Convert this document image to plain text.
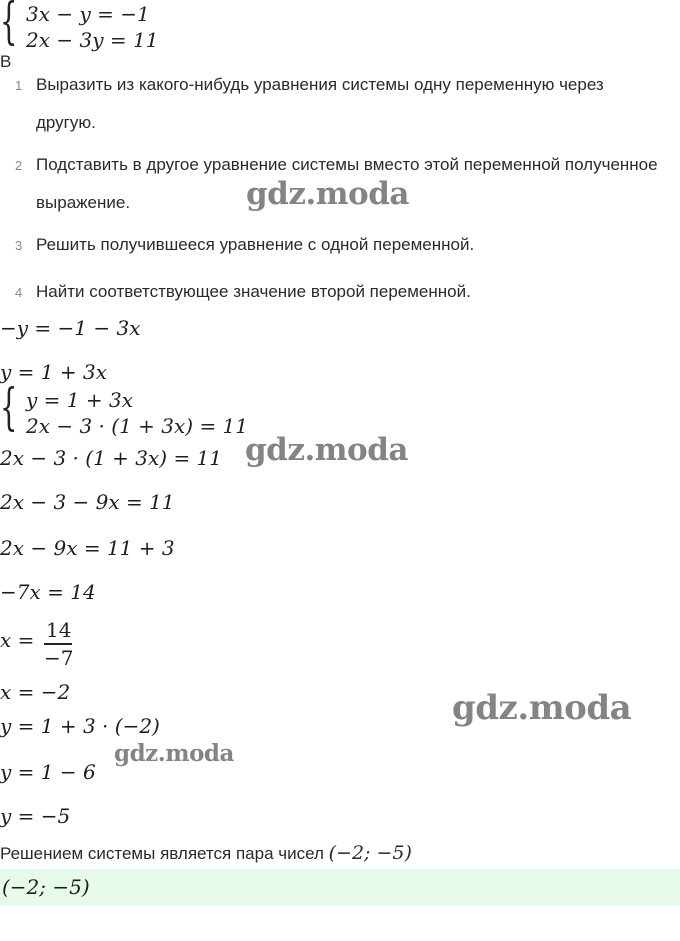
{ 3x − y = −1
2x − 3y = 11
В
1 Выразить из какого-нибудь уравнения системы одну переменную через другую.
2 Подставить в другое уравнение системы вместо этой переменной полученное выражение.
3 Решить получившееся уравнение с одной переменной.
4 Найти соответствующее значение второй переменной.
−y = −1 − 3x
y = 1 + 3x
{ y = 1 + 3x
2x − 3 · (1 + 3x) = 11
2x − 3 · (1 + 3x) = 11
2x − 3 − 9x = 11
2x − 9x = 11 + 3
−7x = 14
x = 14
−7
x = −2
y = 1 + 3 · (−2)
y = 1 − 6
y = −5
Решением системы является пара чисел (−2; −5)
(−2; −5)
gdz.moda
gdz.moda
gdz.moda
gdz.moda
